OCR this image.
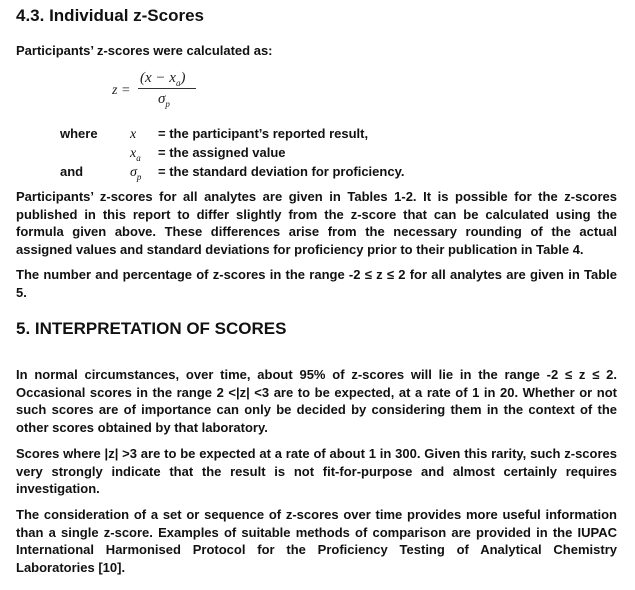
4.3. Individual z-Scores
Participants’ z-scores were calculated as:
z =
$(x - x_a)$
$\sigma_p$
where x = the participant’s reported result,
$x_a$ = the assigned value
and	$\sigma_p$ = the standard deviation for proficiency.

Participants’ z-scores for all analytes are given in Tables 1-2. It is possible for the z-scores published in this report to differ slightly from the z-score that can be calculated using the formula given above. These differences arise from the necessary rounding of the actual assigned values and standard deviations for proficiency prior to their publication in Table 4.

The number and percentage of z-scores in the range -2 ≤ z ≤ 2 for all analytes are given in Table 5.

5. INTERPRETATION OF SCORES

In normal circumstances, over time, about 95% of z-scores will lie in the range -2 ≤ z ≤ 2. Occasional scores in the range 2 <|z| <3 are to be expected, at a rate of 1 in 20. Whether or not such scores are of importance can only be decided by considering them in the context of the other scores obtained by that laboratory.

Scores where |z| >3 are to be expected at a rate of about 1 in 300. Given this rarity, such z-scores very strongly indicate that the result is not fit-for-purpose and almost certainly requires investigation.

The consideration of a set or sequence of z-scores over time provides more useful information than a single z-score. Examples of suitable methods of comparison are provided in the IUPAC International Harmonised Protocol for the Proficiency Testing of Analytical Chemistry Laboratories [10].
